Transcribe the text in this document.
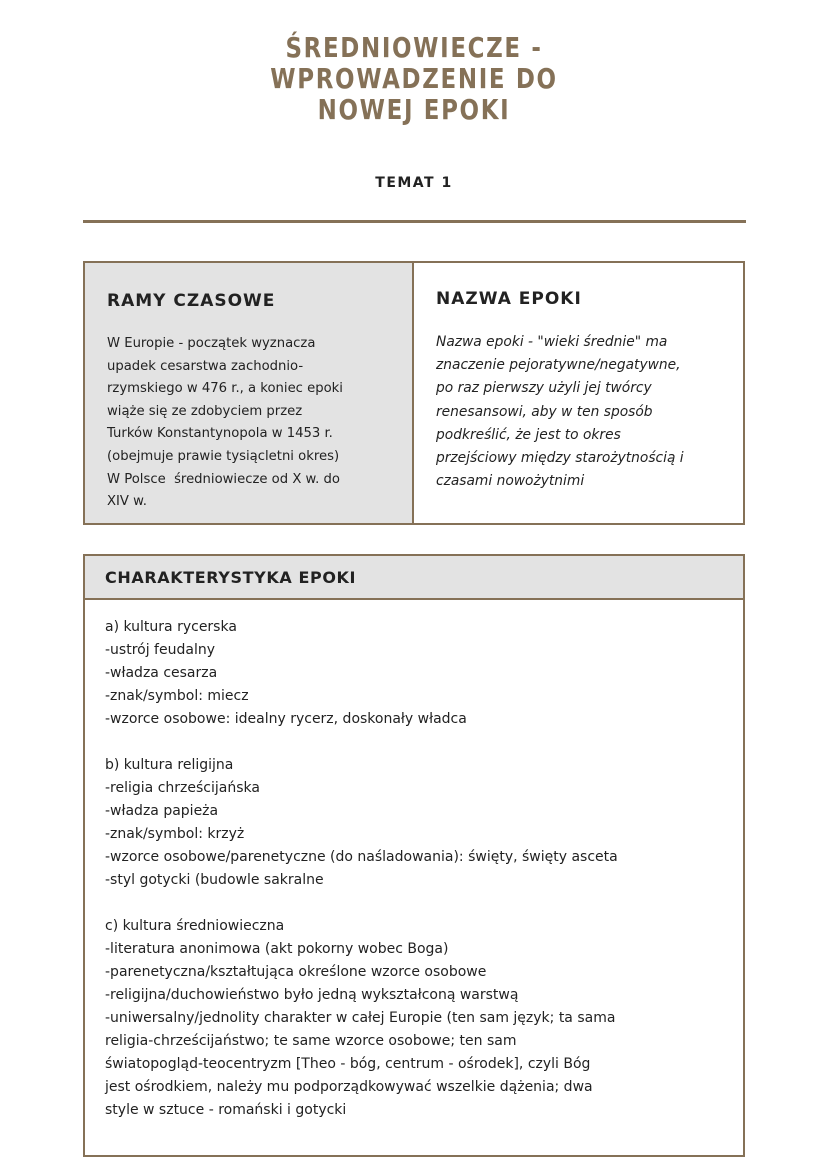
ŚREDNIOWIECZE -
WPROWADZENIE DO
NOWEJ EPOKI
TEMAT 1
RAMY CZASOWE

W Europie - początek wyznacza
upadek cesarstwa zachodnio-
rzymskiego w 476 r., a koniec epoki
wiąże się ze zdobyciem przez
Turków Konstantynopola w 1453 r.
(obejmuje prawie tysiącletni okres)
W Polsce  średniowiecze od X w. do
XIV w.

NAZWA EPOKI

Nazwa epoki - "wieki średnie" ma
znaczenie pejoratywne/negatywne,
po raz pierwszy użyli jej twórcy
renesansowi, aby w ten sposób
podkreślić, że jest to okres
przejściowy między starożytnością i
czasami nowożytnimi

CHARAKTERYSTYKA EPOKI
a) kultura rycerska
-ustrój feudalny
-władza cesarza
-znak/symbol: miecz
-wzorce osobowe: idealny rycerz, doskonały władca
b) kultura religijna
-religia chrześcijańska
-władza papieża
-znak/symbol: krzyż
-wzorce osobowe/parenetyczne (do naśladowania): święty, święty asceta
-styl gotycki (budowle sakralne
c) kultura średniowieczna
-literatura anonimowa (akt pokorny wobec Boga)
-parenetyczna/kształtująca określone wzorce osobowe
-religijna/duchowieństwo było jedną wykształconą warstwą
-uniwersalny/jednolity charakter w całej Europie (ten sam język; ta sama
religia-chrześcijaństwo; te same wzorce osobowe; ten sam
światopogląd-teocentryzm [Theo - bóg, centrum - ośrodek], czyli Bóg
jest ośrodkiem, należy mu podporządkowywać wszelkie dążenia; dwa
style w sztuce - romański i gotycki
